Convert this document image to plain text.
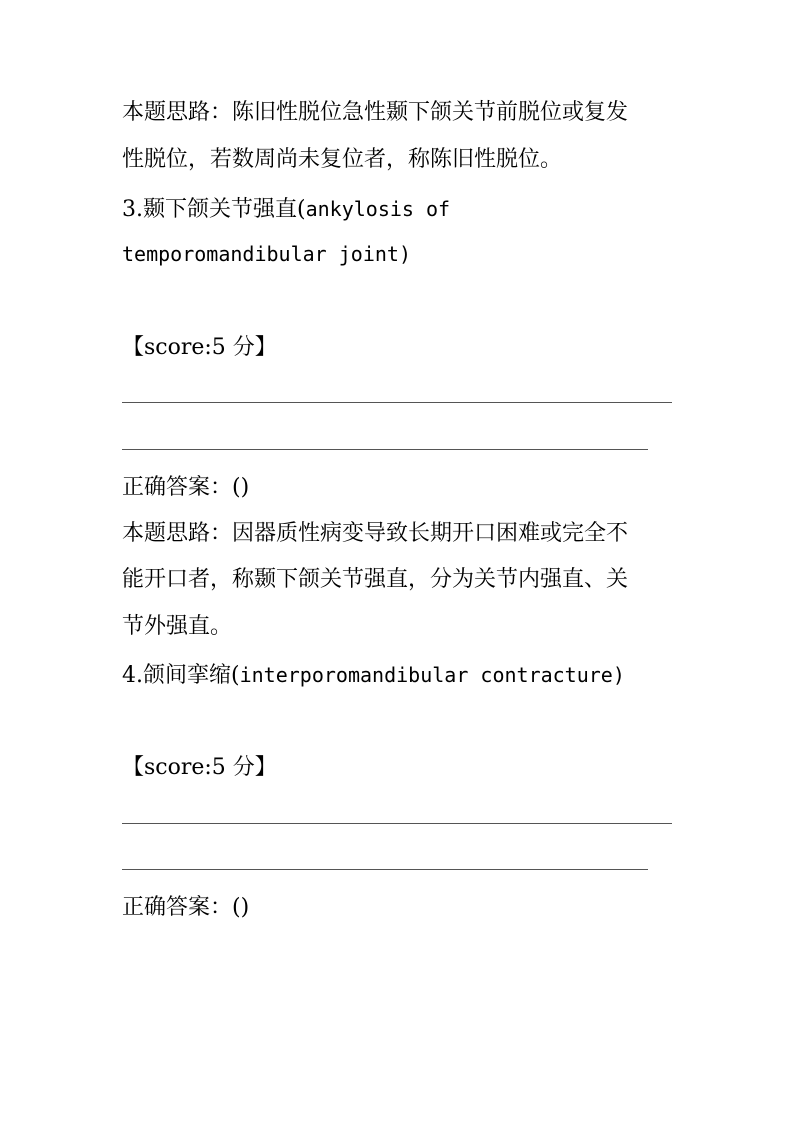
本题思路：陈旧性脱位急性颞下颌关节前脱位或复发
性脱位，若数周尚未复位者，称陈旧性脱位。
3.颞下颌关节强直(ankylosis of
temporomandibular joint)
【score:5 分】
正确答案：()
本题思路：因器质性病变导致长期开口困难或完全不
能开口者，称颞下颌关节强直，分为关节内强直、关
节外强直。
4.颌间挛缩(interporomandibular contracture)
【score:5 分】
正确答案：()
